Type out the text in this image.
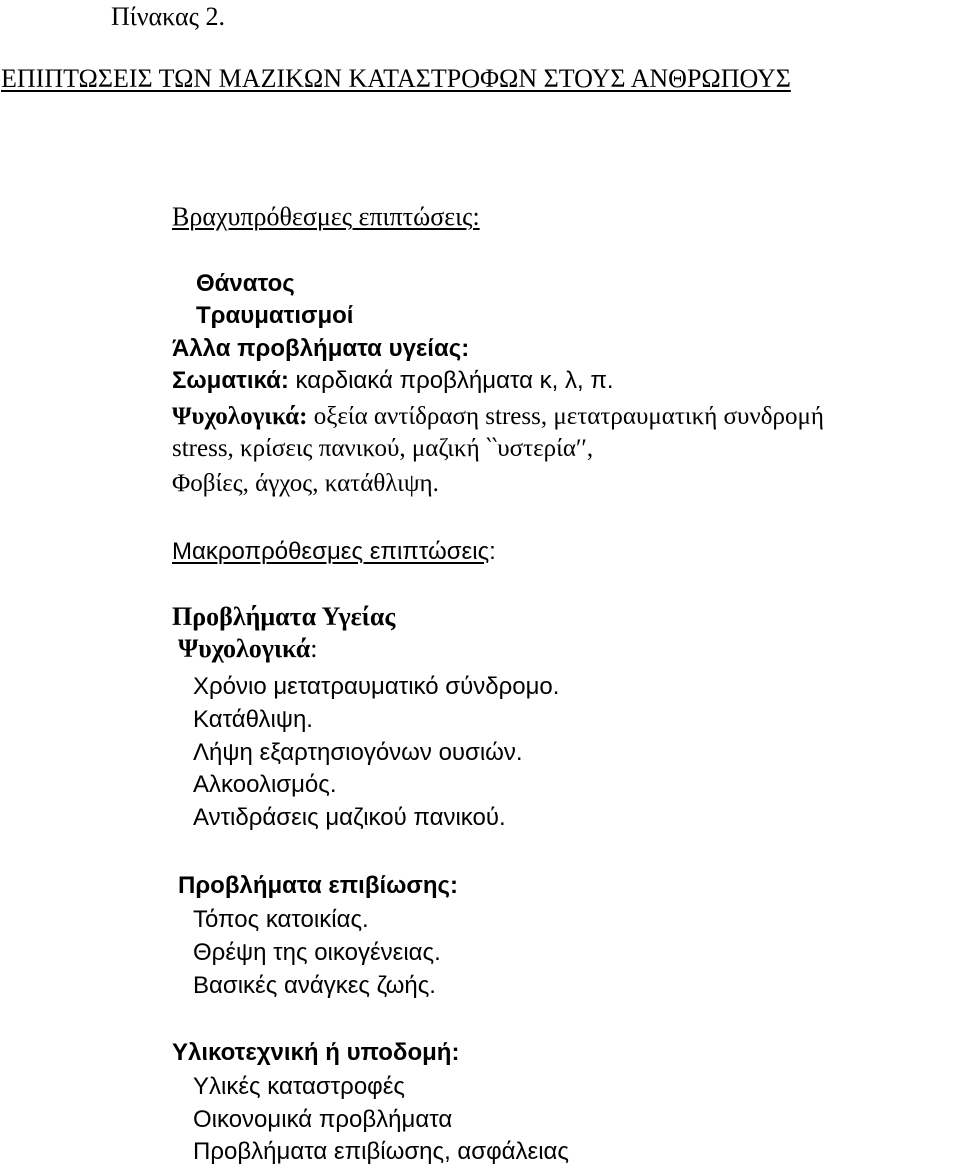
Πίνακας 2.
ΕΠΙΠΤΩΣΕΙΣ ΤΩΝ ΜΑΖΙΚΩΝ ΚΑΤΑΣΤΡΟΦΩΝ ΣΤΟΥΣ ΑΝΘΡΩΠΟΥΣ
Βραχυπρόθεσμες επιπτώσεις:
Θάνατος
Τραυματισμοί
Άλλα προβλήματα υγείας:
Σωματικά: καρδιακά προβλήματα κ, λ, π.
Ψυχολογικά: οξεία αντίδραση stress, μετατραυματική συνδρομή
stress, κρίσεις πανικού, μαζική ‵‵υστερία′′,
Φοβίες, άγχος, κατάθλιψη.
Μακροπρόθεσμες επιπτώσεις:
Προβλήματα Υγείας
Ψυχολογικά:
Χρόνιο μετατραυματικό σύνδρομο.
Κατάθλιψη.
Λήψη εξαρτησιογόνων ουσιών.
Αλκοολισμός.
Αντιδράσεις μαζικού πανικού.
Προβλήματα επιβίωσης:
Τόπος κατοικίας.
Θρέψη της οικογένειας.
Βασικές ανάγκες ζωής.
Υλικοτεχνική ή υποδομή:
Υλικές καταστροφές
Οικονομικά προβλήματα
Προβλήματα επιβίωσης, ασφάλειας
